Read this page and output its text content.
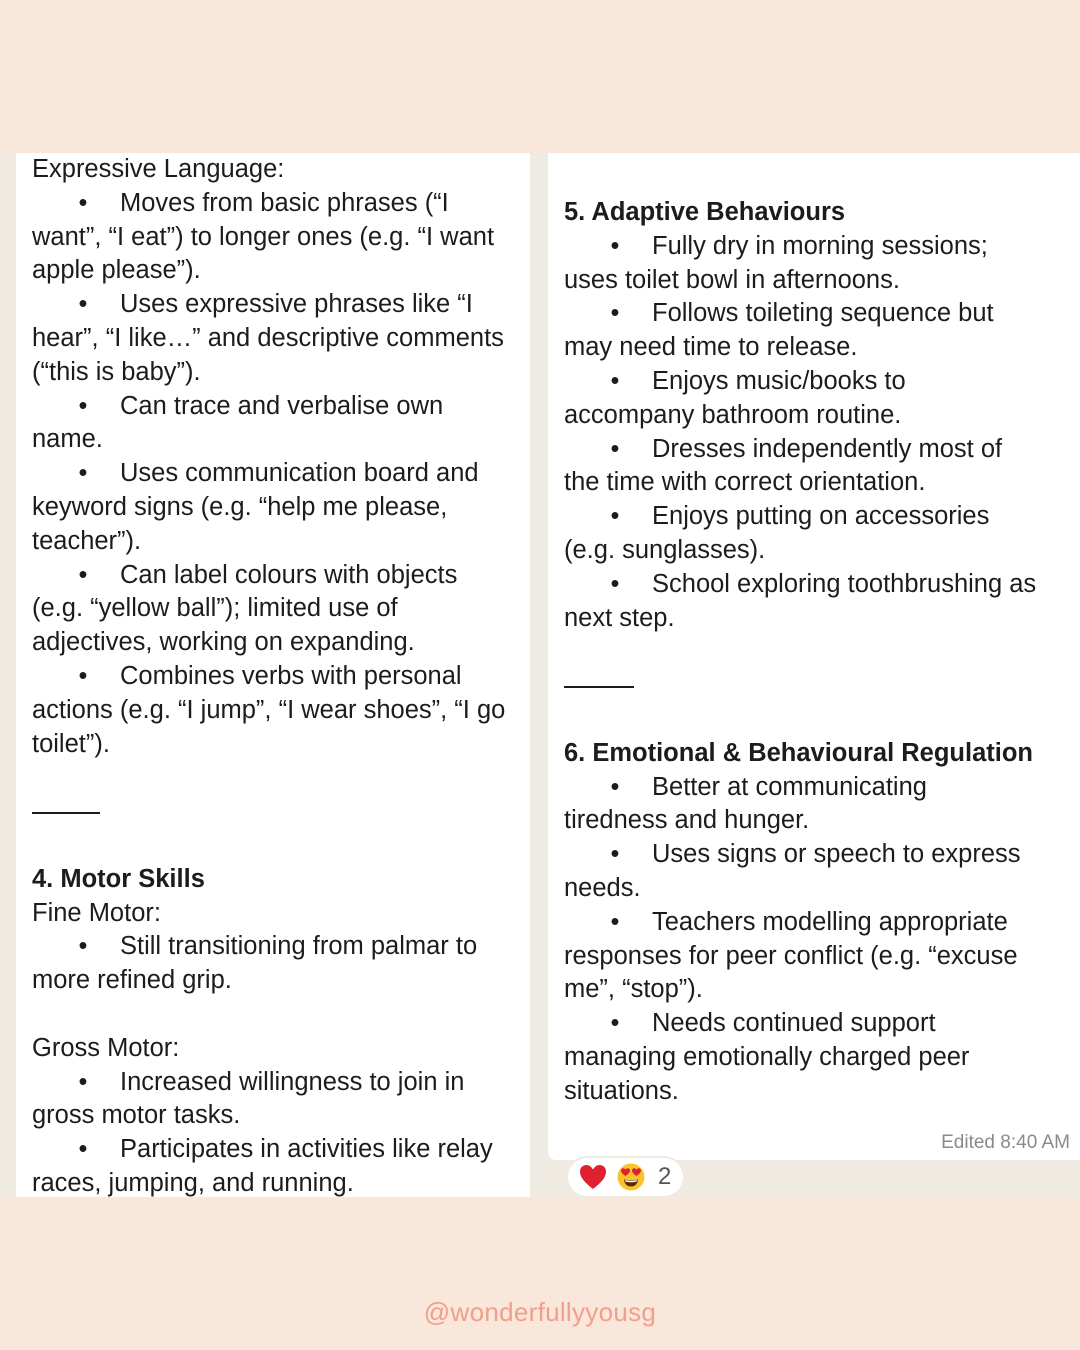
Expressive Language:
• Moves from basic phrases (“I
want”, “I eat”) to longer ones (e.g. “I want
apple please”).
• Uses expressive phrases like “I
hear”, “I like…” and descriptive comments
(“this is baby”).
• Can trace and verbalise own
name.
• Uses communication board and
keyword signs (e.g. “help me please,
teacher”).
• Can label colours with objects
(e.g. “yellow ball”); limited use of
adjectives, working on expanding.
• Combines verbs with personal
actions (e.g. “I jump”, “I wear shoes”, “I go
toilet”).
4. Motor Skills
Fine Motor:
• Still transitioning from palmar to
more refined grip.
Gross Motor:
• Increased willingness to join in
gross motor tasks.
• Participates in activities like relay
races, jumping, and running.
5. Adaptive Behaviours
• Fully dry in morning sessions;
uses toilet bowl in afternoons.
• Follows toileting sequence but
may need time to release.
• Enjoys music/books to
accompany bathroom routine.
• Dresses independently most of
the time with correct orientation.
• Enjoys putting on accessories
(e.g. sunglasses).
• School exploring toothbrushing as
next step.
6. Emotional & Behavioural Regulation
• Better at communicating
tiredness and hunger.
• Uses signs or speech to express
needs.
• Teachers modelling appropriate
responses for peer conflict (e.g. “excuse
me”, “stop”).
• Needs continued support
managing emotionally charged peer
situations.
Edited 8:40 AM
2
@wonderfullyyousg
